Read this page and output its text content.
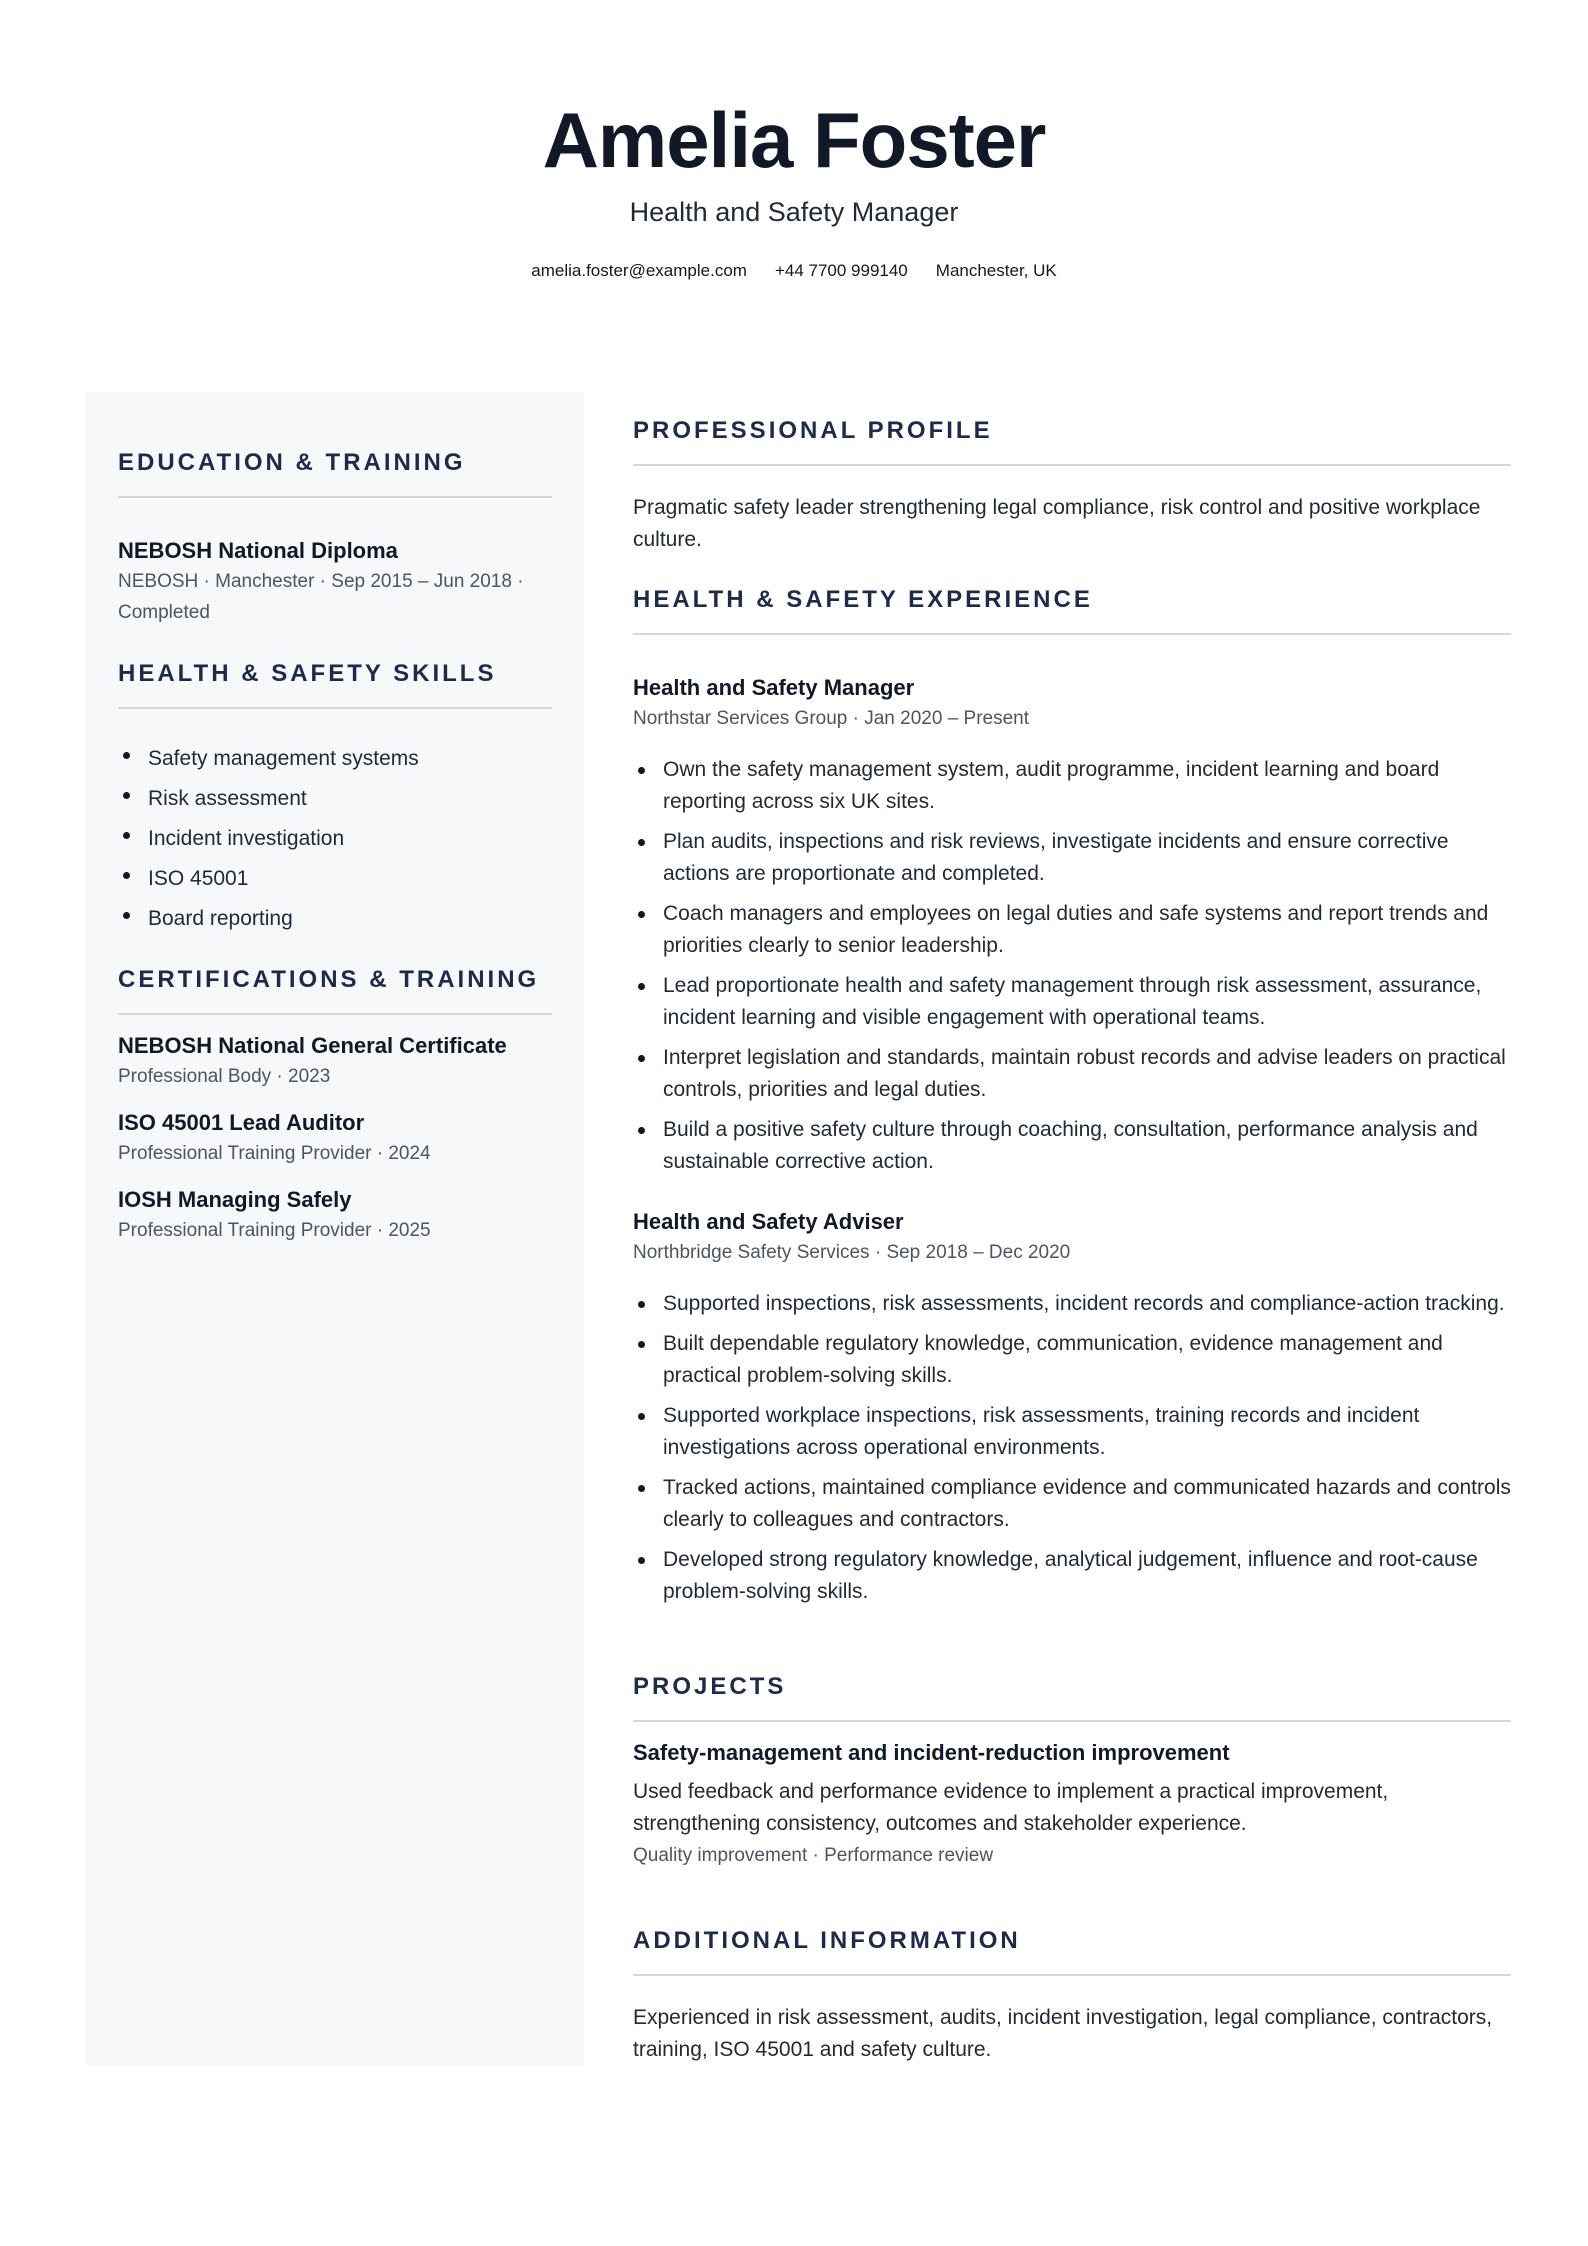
Amelia Foster
Health and Safety Manager
amelia.foster@example.com +44 7700 999140 Manchester, UK
EDUCATION & TRAINING
NEBOSH National Diploma
NEBOSH · Manchester · Sep 2015 – Jun 2018 ·
Completed
HEALTH & SAFETY SKILLS
Safety management systems
Risk assessment
Incident investigation
ISO 45001
Board reporting
CERTIFICATIONS & TRAINING
NEBOSH National General Certificate
Professional Body · 2023
ISO 45001 Lead Auditor
Professional Training Provider · 2024
IOSH Managing Safely
Professional Training Provider · 2025
PROFESSIONAL PROFILE
Pragmatic safety leader strengthening legal compliance, risk control and positive workplace culture.
HEALTH & SAFETY EXPERIENCE
Health and Safety Manager
Northstar Services Group · Jan 2020 – Present
Own the safety management system, audit programme, incident learning and board reporting across six UK sites.
Plan audits, inspections and risk reviews, investigate incidents and ensure corrective actions are proportionate and completed.
Coach managers and employees on legal duties and safe systems and report trends and priorities clearly to senior leadership.
Lead proportionate health and safety management through risk assessment, assurance, incident learning and visible engagement with operational teams.
Interpret legislation and standards, maintain robust records and advise leaders on practical controls, priorities and legal duties.
Build a positive safety culture through coaching, consultation, performance analysis and sustainable corrective action.
Health and Safety Adviser
Northbridge Safety Services · Sep 2018 – Dec 2020
Supported inspections, risk assessments, incident records and compliance-action tracking.
Built dependable regulatory knowledge, communication, evidence management and practical problem-solving skills.
Supported workplace inspections, risk assessments, training records and incident investigations across operational environments.
Tracked actions, maintained compliance evidence and communicated hazards and controls clearly to colleagues and contractors.
Developed strong regulatory knowledge, analytical judgement, influence and root-cause problem-solving skills.
PROJECTS
Safety-management and incident-reduction improvement
Used feedback and performance evidence to implement a practical improvement, strengthening consistency, outcomes and stakeholder experience.
Quality improvement · Performance review
ADDITIONAL INFORMATION
Experienced in risk assessment, audits, incident investigation, legal compliance, contractors, training, ISO 45001 and safety culture.
